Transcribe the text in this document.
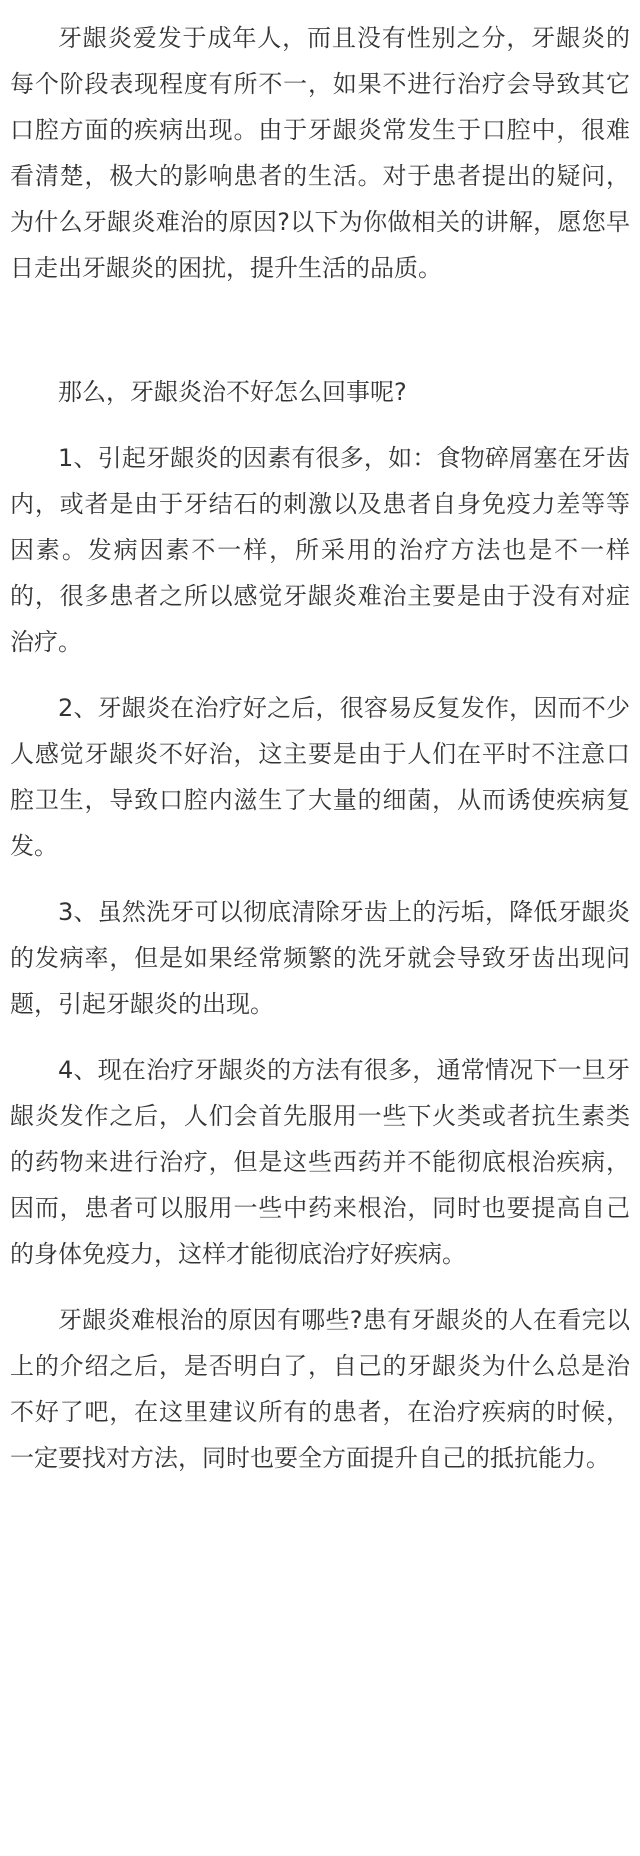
牙龈炎爱发于成年人，而且没有性别之分，牙龈炎的每个阶段表现程度有所不一，如果不进行治疗会导致其它口腔方面的疾病出现。由于牙龈炎常发生于口腔中，很难看清楚，极大的影响患者的生活。对于患者提出的疑问，为什么牙龈炎难治的原因?以下为你做相关的讲解，愿您早日走出牙龈炎的困扰，提升生活的品质。

那么，牙龈炎治不好怎么回事呢?

1、引起牙龈炎的因素有很多，如：食物碎屑塞在牙齿内，或者是由于牙结石的刺激以及患者自身免疫力差等等因素。发病因素不一样，所采用的治疗方法也是不一样的，很多患者之所以感觉牙龈炎难治主要是由于没有对症治疗。

2、牙龈炎在治疗好之后，很容易反复发作，因而不少人感觉牙龈炎不好治，这主要是由于人们在平时不注意口腔卫生，导致口腔内滋生了大量的细菌，从而诱使疾病复发。

3、虽然洗牙可以彻底清除牙齿上的污垢，降低牙龈炎的发病率，但是如果经常频繁的洗牙就会导致牙齿出现问题，引起牙龈炎的出现。

4、现在治疗牙龈炎的方法有很多，通常情况下一旦牙龈炎发作之后，人们会首先服用一些下火类或者抗生素类的药物来进行治疗，但是这些西药并不能彻底根治疾病，因而，患者可以服用一些中药来根治，同时也要提高自己的身体免疫力，这样才能彻底治疗好疾病。

牙龈炎难根治的原因有哪些?患有牙龈炎的人在看完以上的介绍之后，是否明白了，自己的牙龈炎为什么总是治不好了吧，在这里建议所有的患者，在治疗疾病的时候，一定要找对方法，同时也要全方面提升自己的抵抗能力。
